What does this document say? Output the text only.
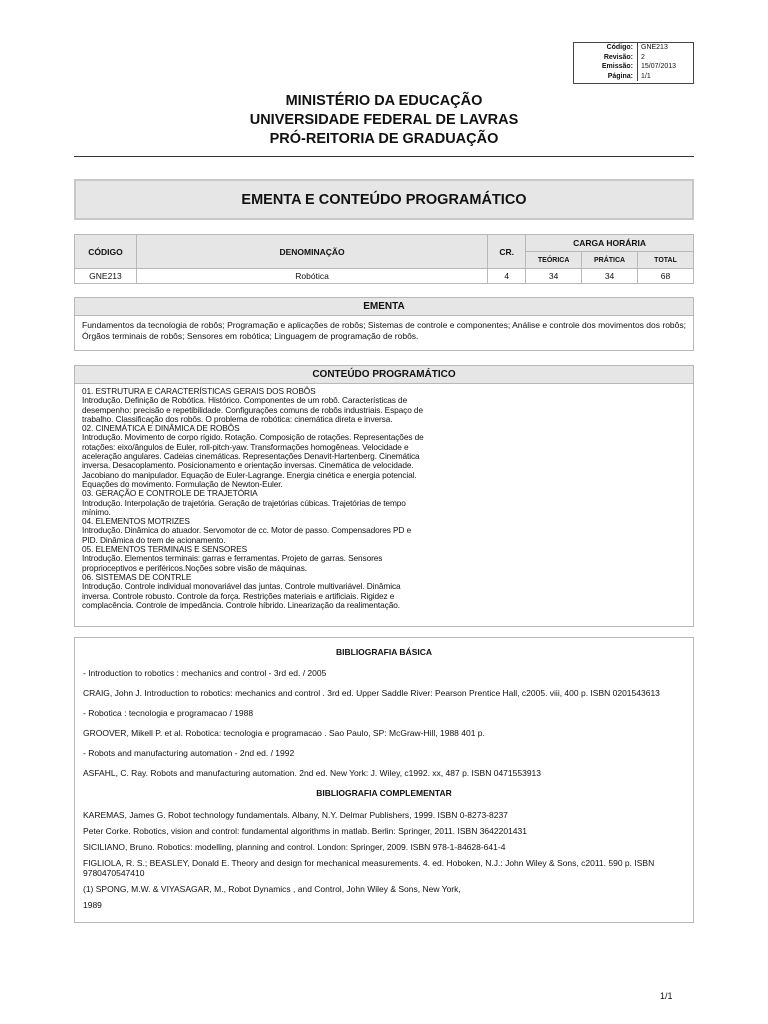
Código:	GNE213
Revisão:	2
Emissão:	15/07/2013
Página:	1/1
MINISTÉRIO DA EDUCAÇÃO
UNIVERSIDADE FEDERAL DE LAVRAS
PRÓ-REITORIA DE GRADUAÇÃO
EMENTA E CONTEÚDO PROGRAMÁTICO
CÓDIGO	DENOMINAÇÃO	CR.	CARGA HORÁRIA		
			TEÓRICA	PRÁTICA	TOTAL
GNE213	Robótica	4	34	34	68
EMENTA
Fundamentos da tecnologia de robôs; Programação e aplicações de robôs; Sistemas de controle e componentes; Análise e controle dos movimentos dos robôs; Órgãos terminais de robôs; Sensores em robótica; Linguagem de programação de robôs.
CONTEÚDO PROGRAMÁTICO
01. ESTRUTURA E CARACTERÍSTICAS GERAIS DOS ROBÔS
Introdução. Definição de Robótica. Histórico. Componentes de um robô. Características de
desempenho: precisão e repetibilidade. Configurações comuns de robôs industriais. Espaço de
trabalho. Classificação dos robôs. O problema de robótica: cinemática direta e inversa.
02. CINEMÁTICA E DINÂMICA DE ROBÔS
Introdução. Movimento de corpo rígido. Rotação. Composição de rotações. Representações de
rotações: eixo/ângulos de Euler, roll-pitch-yaw. Transformações homogêneas. Velocidade e
aceleração angulares. Cadeias cinemáticas. Representações Denavit-Hartenberg. Cinemática
inversa. Desacoplamento. Posicionamento e orientação inversas. Cinemática de velocidade.
Jacobiano do manipulador. Equação de Euler-Lagrange. Energia cinética e energia potencial.
Equações do movimento. Formulação de Newton-Euler.
03. GERAÇÃO E CONTROLE DE TRAJETÓRIA
Introdução. Interpolação de trajetória. Geração de trajetórias cúbicas. Trajetórias de tempo
mínimo.
04. ELEMENTOS MOTRIZES
Introdução. Dinâmica do atuador. Servomotor de cc. Motor de passo. Compensadores PD e
PID. Dinâmica do trem de acionamento.
05. ELEMENTOS TERMINAIS E SENSORES
Introdução. Elementos terminais: garras e ferramentas. Projeto de garras. Sensores
proprioceptivos e periféricos.Noções sobre visão de máquinas.
06. SISTEMAS DE CONTRLE
Introdução. Controle individual monovariável das juntas. Controle multivariável. Dinâmica
inversa. Controle robusto. Controle da força. Restrições materiais e artificiais. Rigidez e
complacência. Controle de impedância. Controle híbrido. Linearização da realimentação.
BIBLIOGRAFIA BÁSICA
- Introduction to robotics : mechanics and control - 3rd ed. / 2005
CRAIG, John J. Introduction to robotics: mechanics and control . 3rd ed. Upper Saddle River: Pearson Prentice Hall, c2005. viii, 400 p. ISBN 0201543613
- Robotica : tecnologia e programacao / 1988
GROOVER, Mikell P. et al. Robotica: tecnologia e programacao . Sao Paulo, SP: McGraw-Hill, 1988 401 p.
- Robots and manufacturing automation - 2nd ed. / 1992
ASFAHL, C. Ray. Robots and manufacturing automation. 2nd ed. New York: J. Wiley, c1992. xx, 487 p. ISBN 0471553913
BIBLIOGRAFIA COMPLEMENTAR
KAREMAS, James G. Robot technology fundamentals. Albany, N.Y. Delmar Publishers, 1999. ISBN 0-8273-8237
Peter Corke. Robotics, vision and control: fundamental algorithms in matlab. Berlin: Springer, 2011. ISBN 3642201431
SICILIANO, Bruno. Robotics: modelling, planning and control. London: Springer, 2009. ISBN 978-1-84628-641-4
FIGLIOLA, R. S.; BEASLEY, Donald E. Theory and design for mechanical measurements. 4. ed. Hoboken, N.J.: John Wiley & Sons, c2011. 590 p. ISBN 9780470547410
(1) SPONG, M.W. & VIYASAGAR, M., Robot Dynamics , and Control, John Wiley & Sons, New York,
1989
1/1
